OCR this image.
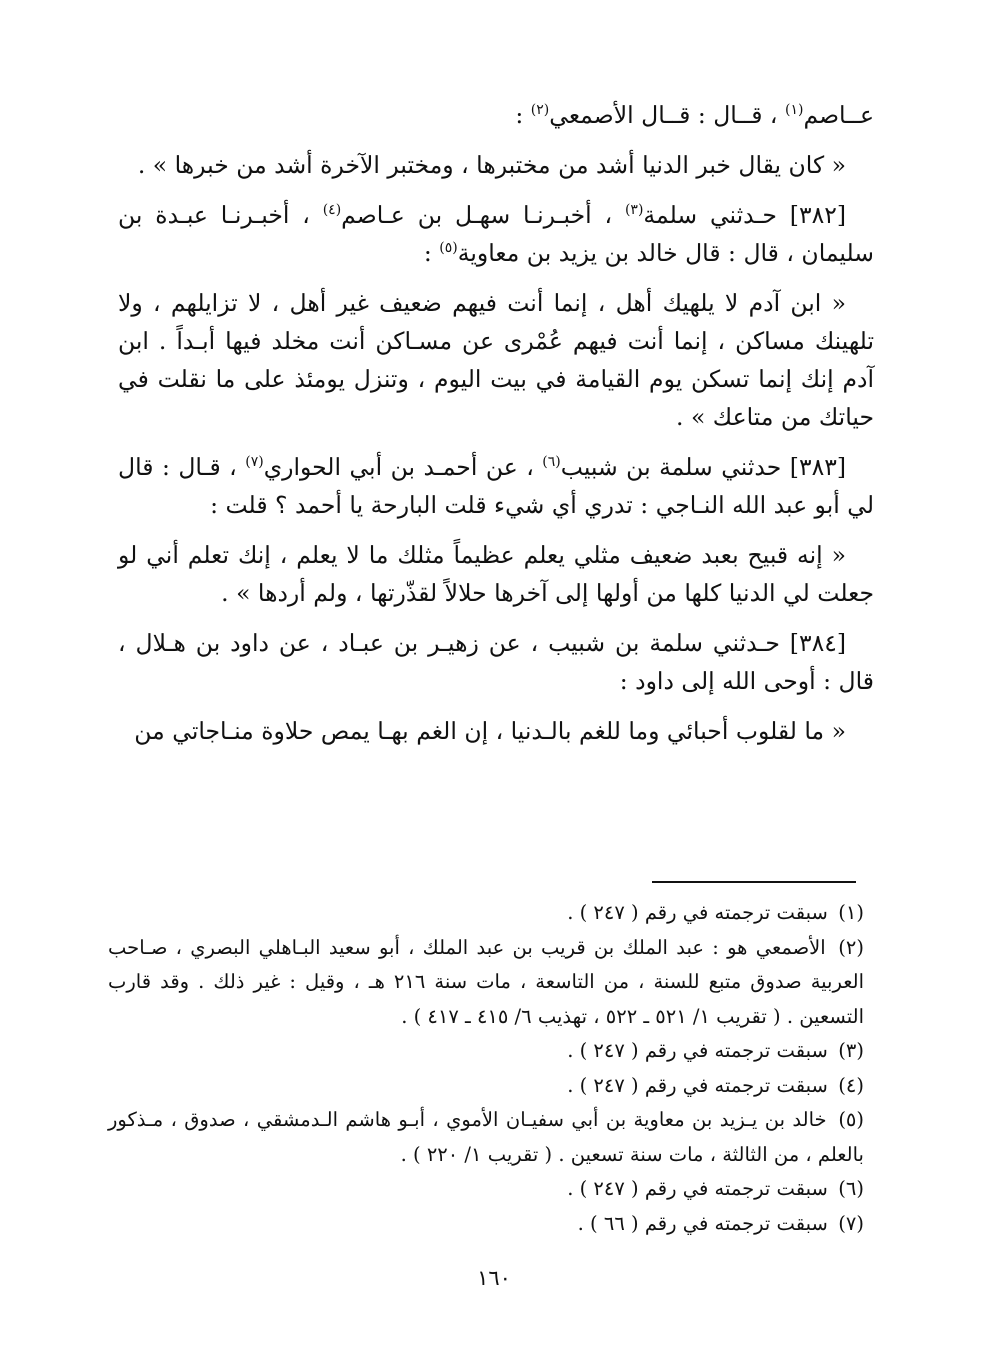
عــاصم$^{(١)}$ ، قــال : قــال الأصمعي$^{(٢)}$ :

« كان يقال خبر الدنيا أشد من مختبرها ، ومختبر الآخرة أشد من خبرها » .

[٣٨٢] حـدثني سلمة$^{(٣)}$ ، أخبـرنـا سهـل بن عـاصم$^{(٤)}$ ، أخبـرنـا عبـدة بن سليمان ، قال : قال خالد بن يزيد بن معاوية$^{(٥)}$ :

« ابن آدم لا يلهيك أهل ، إنما أنت فيهم ضعيف غير أهل ، لا تزايلهم ، ولا تلهينك مساكن ، إنما أنت فيهم عُمْرى عن مسـاكن أنت مخلد فيها أبـداً . ابن آدم إنك إنما تسكن يوم القيامة في بيت اليوم ، وتنزل يومئذ على ما نقلت في حياتك من متاعك » .

[٣٨٣] حدثني سلمة بن شبيب$^{(٦)}$ ، عن أحمـد بن أبي الحواري$^{(٧)}$ ، قـال : قال لي أبو عبد الله النـاجي : تدري أي شيء قلت البارحة يا أحمد ؟ قلت :

« إنه قبيح بعبد ضعيف مثلي يعلم عظيماً مثلك ما لا يعلم ، إنك تعلم أني لو جعلت لي الدنيا كلها من أولها إلى آخرها حلالاً لقذّرتها ، ولم أردها » .

[٣٨٤] حـدثني سلمة بن شبيب ، عن زهيـر بن عبـاد ، عن داود بن هـلال ، قال : أوحى الله إلى داود :

« ما لقلوب أحبائي وما للغم بالـدنيا ، إن الغم بهـا يمص حلاوة منـاجاتي من

(١) سبقت ترجمته في رقم ( ٢٤٧ ) .

(٢) الأصمعي هو : عبد الملك بن قريب بن عبد الملك ، أبو سعيد البـاهلي البصري ، صـاحب العربية صدوق متبع للسنة ، من التاسعة ، مات سنة ٢١٦ هـ ، وقيل : غير ذلك . وقد قارب التسعين . ( تقريب ١/ ٥٢١ ـ ٥٢٢ ، تهذيب ٦/ ٤١٥ ـ ٤١٧ ) .

(٣) سبقت ترجمته في رقم ( ٢٤٧ ) .

(٤) سبقت ترجمته في رقم ( ٢٤٧ ) .

(٥) خالد بن يـزيد بن معاوية بن أبي سفيـان الأموي ، أبـو هاشم الـدمشقي ، صدوق ، مـذكور بالعلم ، من الثالثة ، مات سنة تسعين . ( تقريب ١/ ٢٢٠ ) .

(٦) سبقت ترجمته في رقم ( ٢٤٧ ) .

(٧) سبقت ترجمته في رقم ( ٦٦ ) .

١٦٠
